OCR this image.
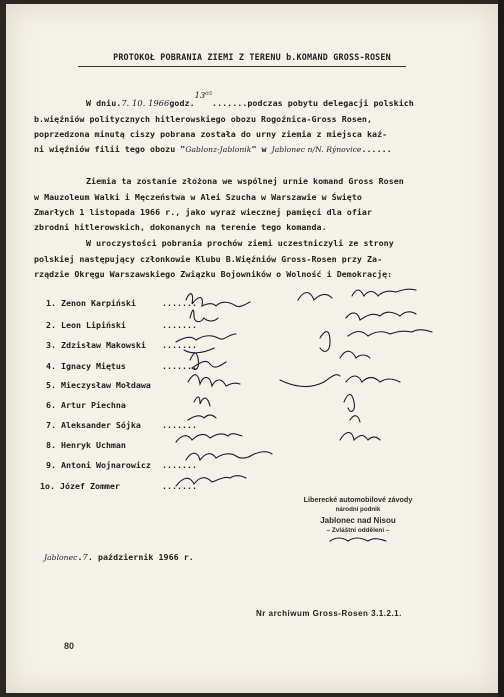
PROTOKOŁ POBRANIA ZIEMI Z TERENU b.KOMAND GROSS-ROSEN
W dniu.7. 10. 1966godz.13⁰⁵.......podczas pobytu delegacji polskich
b.więźniów politycznych hitlerowskiego obozu Rogoźnica-Gross Rosen,
poprzedzona minutą ciszy pobrana została do urny ziemia z miejsca kaź-
ni więźniów filii tego obozu "Gablonz-Jablonik" w Jablonec n/N. Rýnovice......
Ziemia ta zostanie złożona we wspólnej urnie komand Gross Rosen
w Mauzoleum Walki i Męczeństwa w Alei Szucha w Warszawie w Święto
Zmarłych 1 listopada 1966 r., jako wyraz wiecznej pamięci dla ofiar
zbrodni hitlerowskich, dokonanych na terenie tego komanda.
W uroczystości pobrania prochów ziemi uczestniczyli ze strony
polskiej następujący członkowie Klubu B.Więźniów Gross-Rosen przy Za-
rządzie Okręgu Warszawskiego Związku Bojowników o Wolność i Demokrację:
1. Zenon Karpiński
2. Leon Lipiński
3. Zdzisław Makowski
4. Ignacy Miętus
5. Mieczysław Mołdawa
6. Artur Piechna
7. Aleksander Sójka
8. Henryk Uchman
9. Antoni Wojnarowicz
1o. Józef Zommer
.......
.......
.......
.......
.......
.......
.......
Liberecké automobilové závody
národní podnik
Jablonec nad Nisou
– Zvláštní oddělení –
Jablonec.7. październik 1966 r.
Nr archiwum Gross-Rosen 3.1.2.1.
80
